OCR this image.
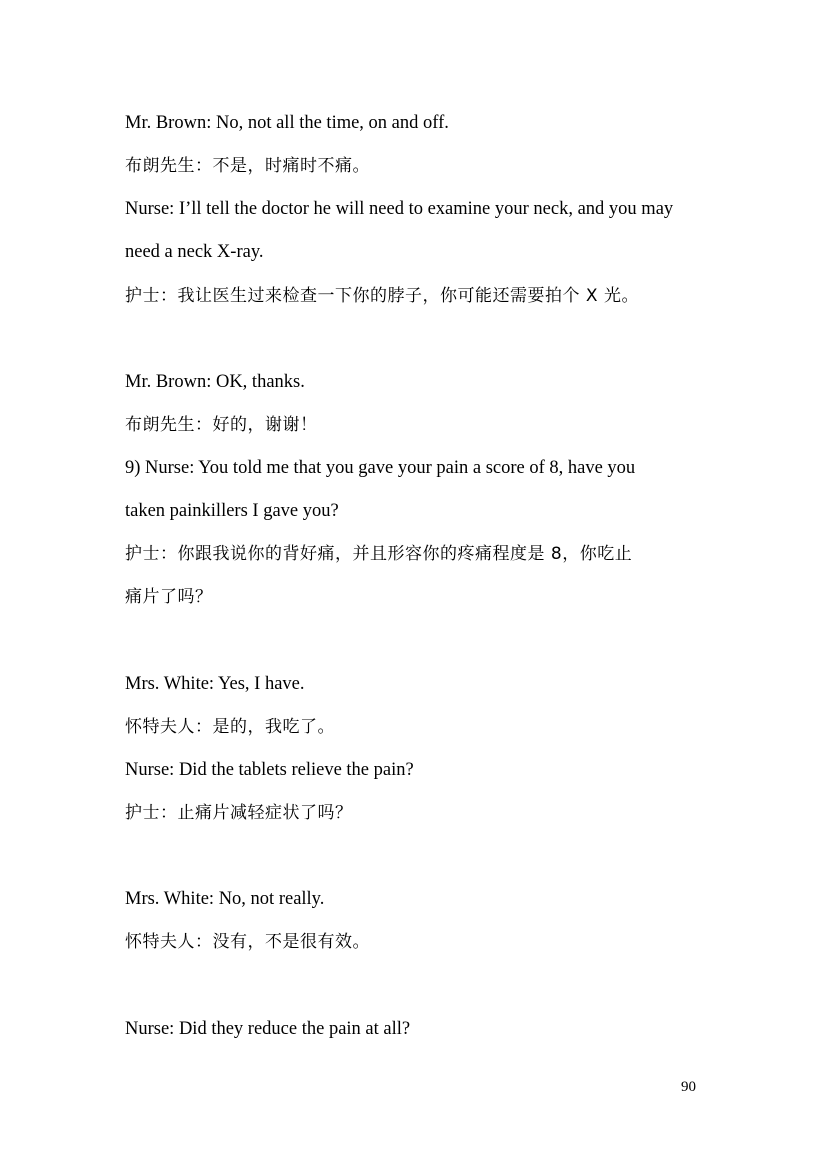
Mr. Brown: No, not all the time, on and off.
布朗先生：不是，时痛时不痛。
Nurse: I’ll tell the doctor he will need to examine your neck, and you may
need a neck X-ray.
护士：我让医生过来检查一下你的脖子，你可能还需要拍个 X 光。
Mr. Brown: OK, thanks.
布朗先生：好的，谢谢！
9) Nurse: You told me that you gave your pain a score of 8, have you
taken painkillers I gave you?
护士：你跟我说你的背好痛，并且形容你的疼痛程度是 8，你吃止
痛片了吗？
Mrs. White: Yes, I have.
怀特夫人：是的，我吃了。
Nurse: Did the tablets relieve the pain?
护士：止痛片减轻症状了吗？
Mrs. White: No, not really.
怀特夫人：没有，不是很有效。
Nurse: Did they reduce the pain at all?
90
